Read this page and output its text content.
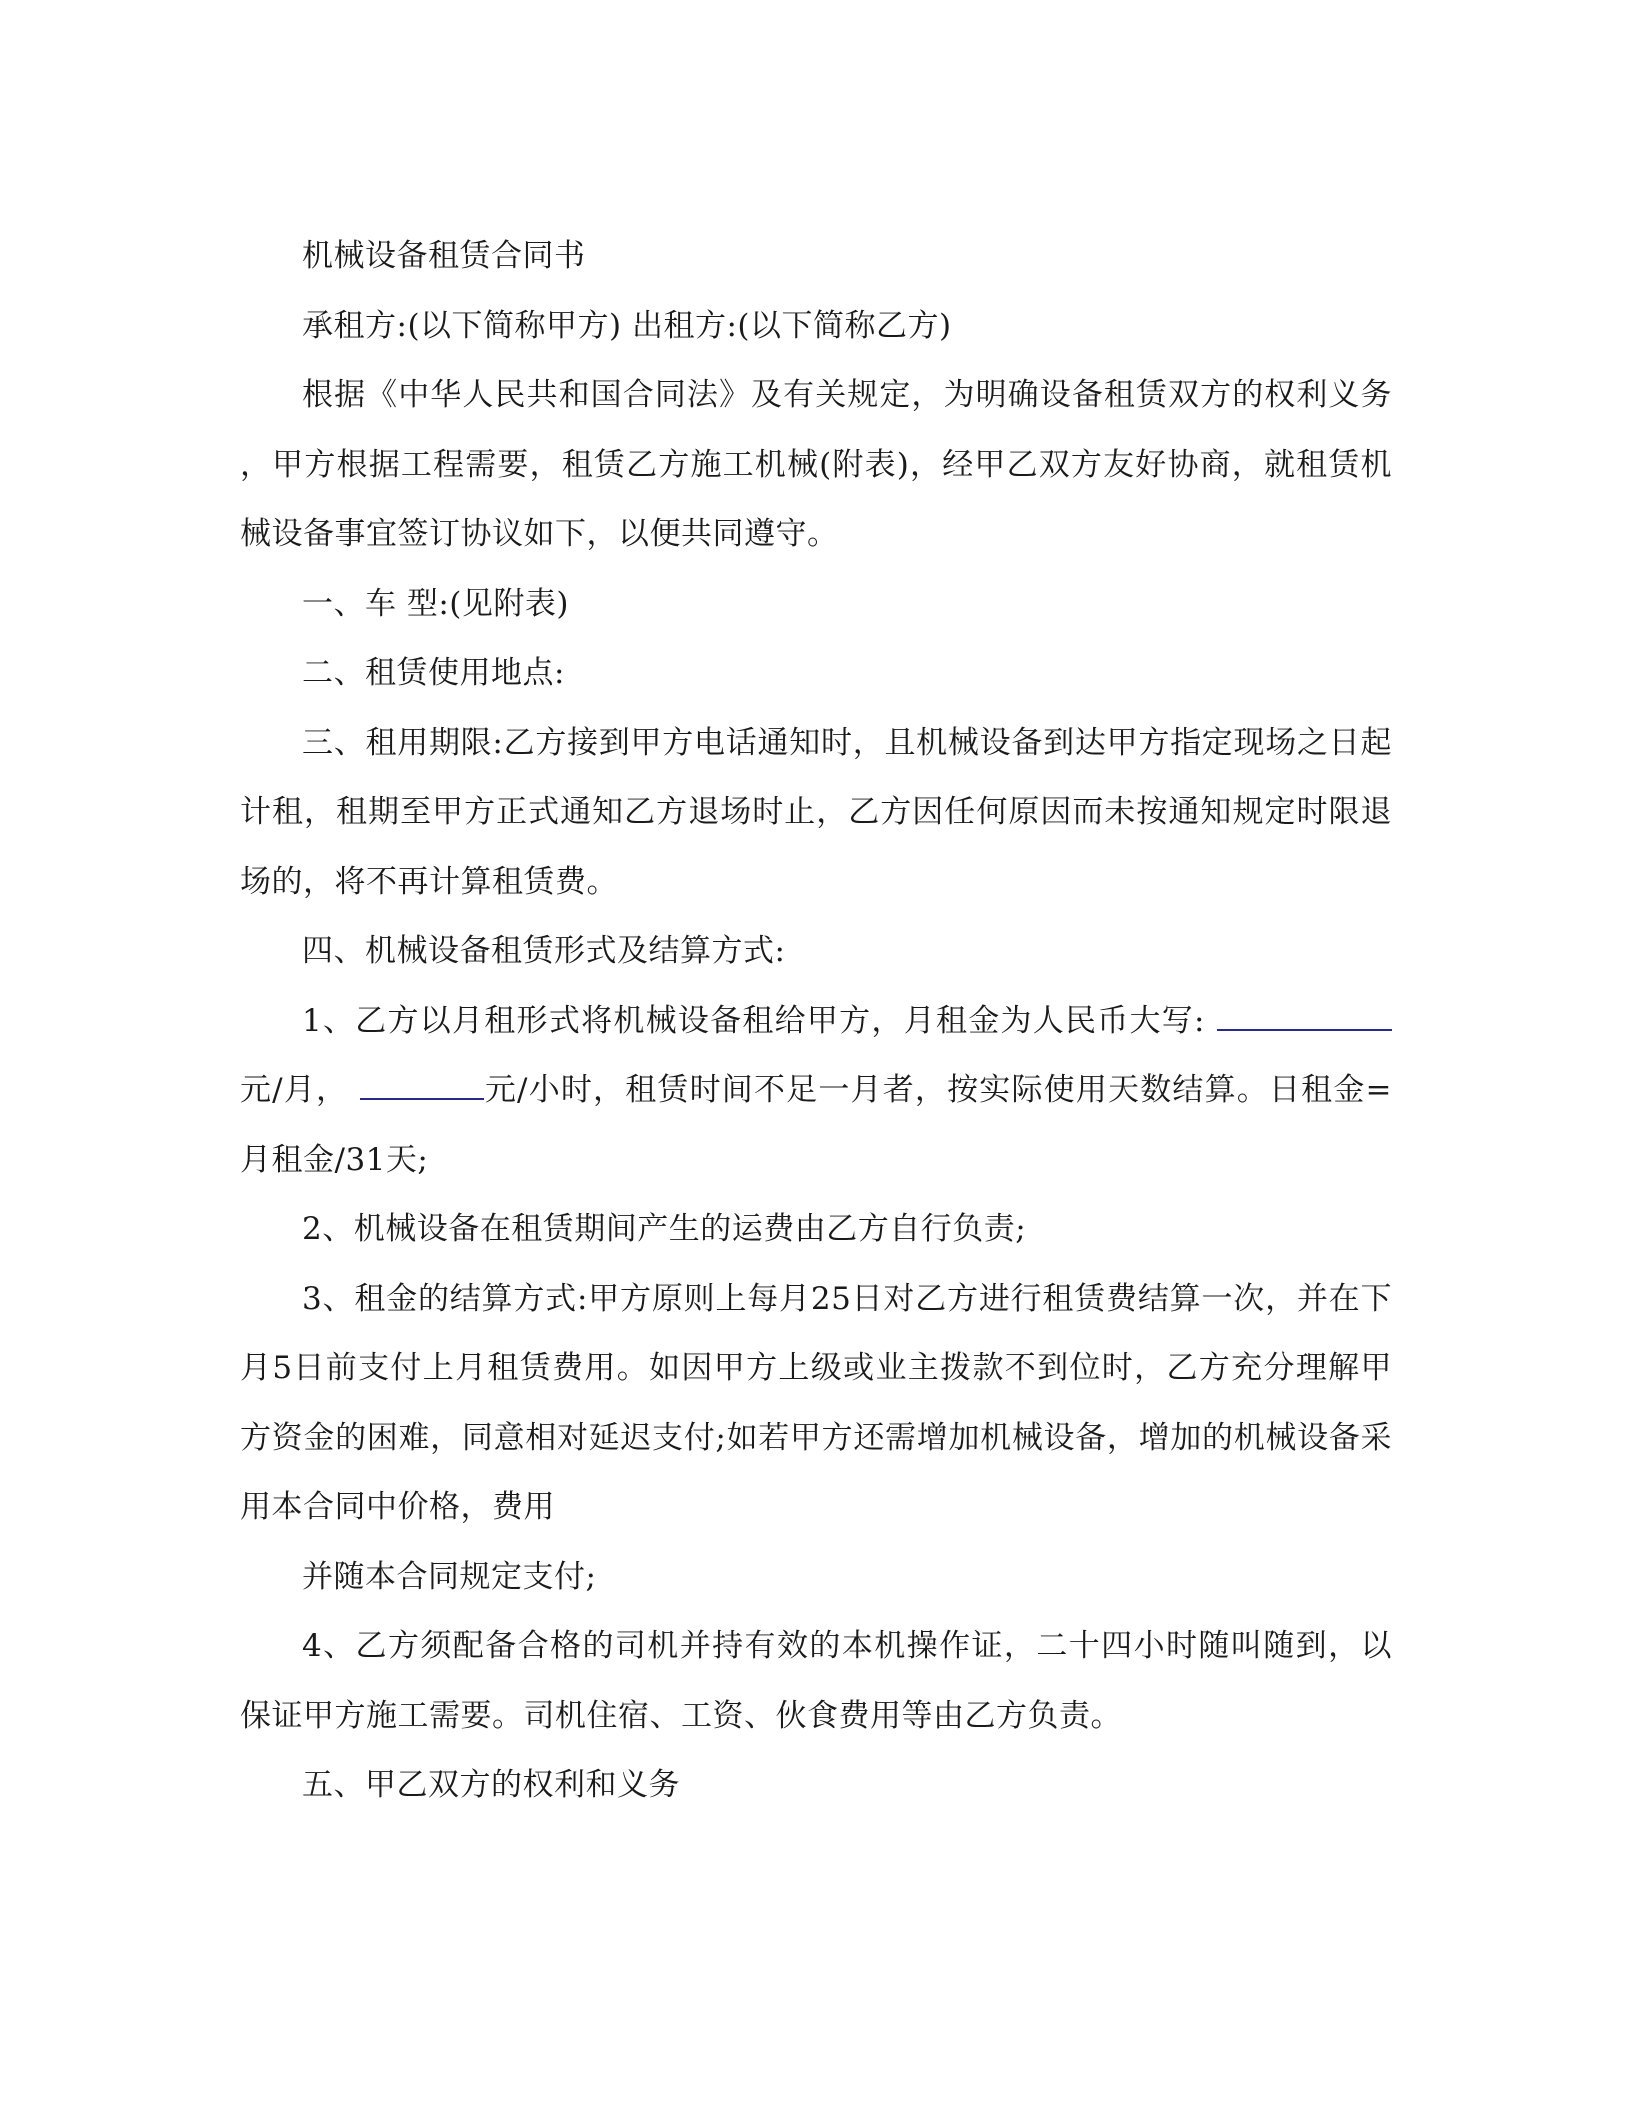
机械设备租赁合同书

承租方:(以下简称甲方) 出租方:(以下简称乙方)

根据《中华人民共和国合同法》及有关规定，为明确设备租赁双方的权利义务，甲方根据工程需要，租赁乙方施工机械(附表)，经甲乙双方友好协商，就租赁机械设备事宜签订协议如下，以便共同遵守。

一、车 型:(见附表)

二、租赁使用地点:

三、租用期限:乙方接到甲方电话通知时，且机械设备到达甲方指定现场之日起计租，租期至甲方正式通知乙方退场时止，乙方因任何原因而未按通知规定时限退场的，将不再计算租赁费。

四、机械设备租赁形式及结算方式:

1、乙方以月租形式将机械设备租给甲方，月租金为人民币大写:元/月，	元/小时，租赁时间不足一月者，按实际使用天数结算。日租金=月租金/31天;

2、机械设备在租赁期间产生的运费由乙方自行负责;

3、租金的结算方式:甲方原则上每月25日对乙方进行租赁费结算一次，并在下月5日前支付上月租赁费用。如因甲方上级或业主拨款不到位时，乙方充分理解甲方资金的困难，同意相对延迟支付;如若甲方还需增加机械设备，增加的机械设备采用本合同中价格，费用

并随本合同规定支付;

4、乙方须配备合格的司机并持有效的本机操作证，二十四小时随叫随到，以保证甲方施工需要。司机住宿、工资、伙食费用等由乙方负责。

五、甲乙双方的权利和义务
